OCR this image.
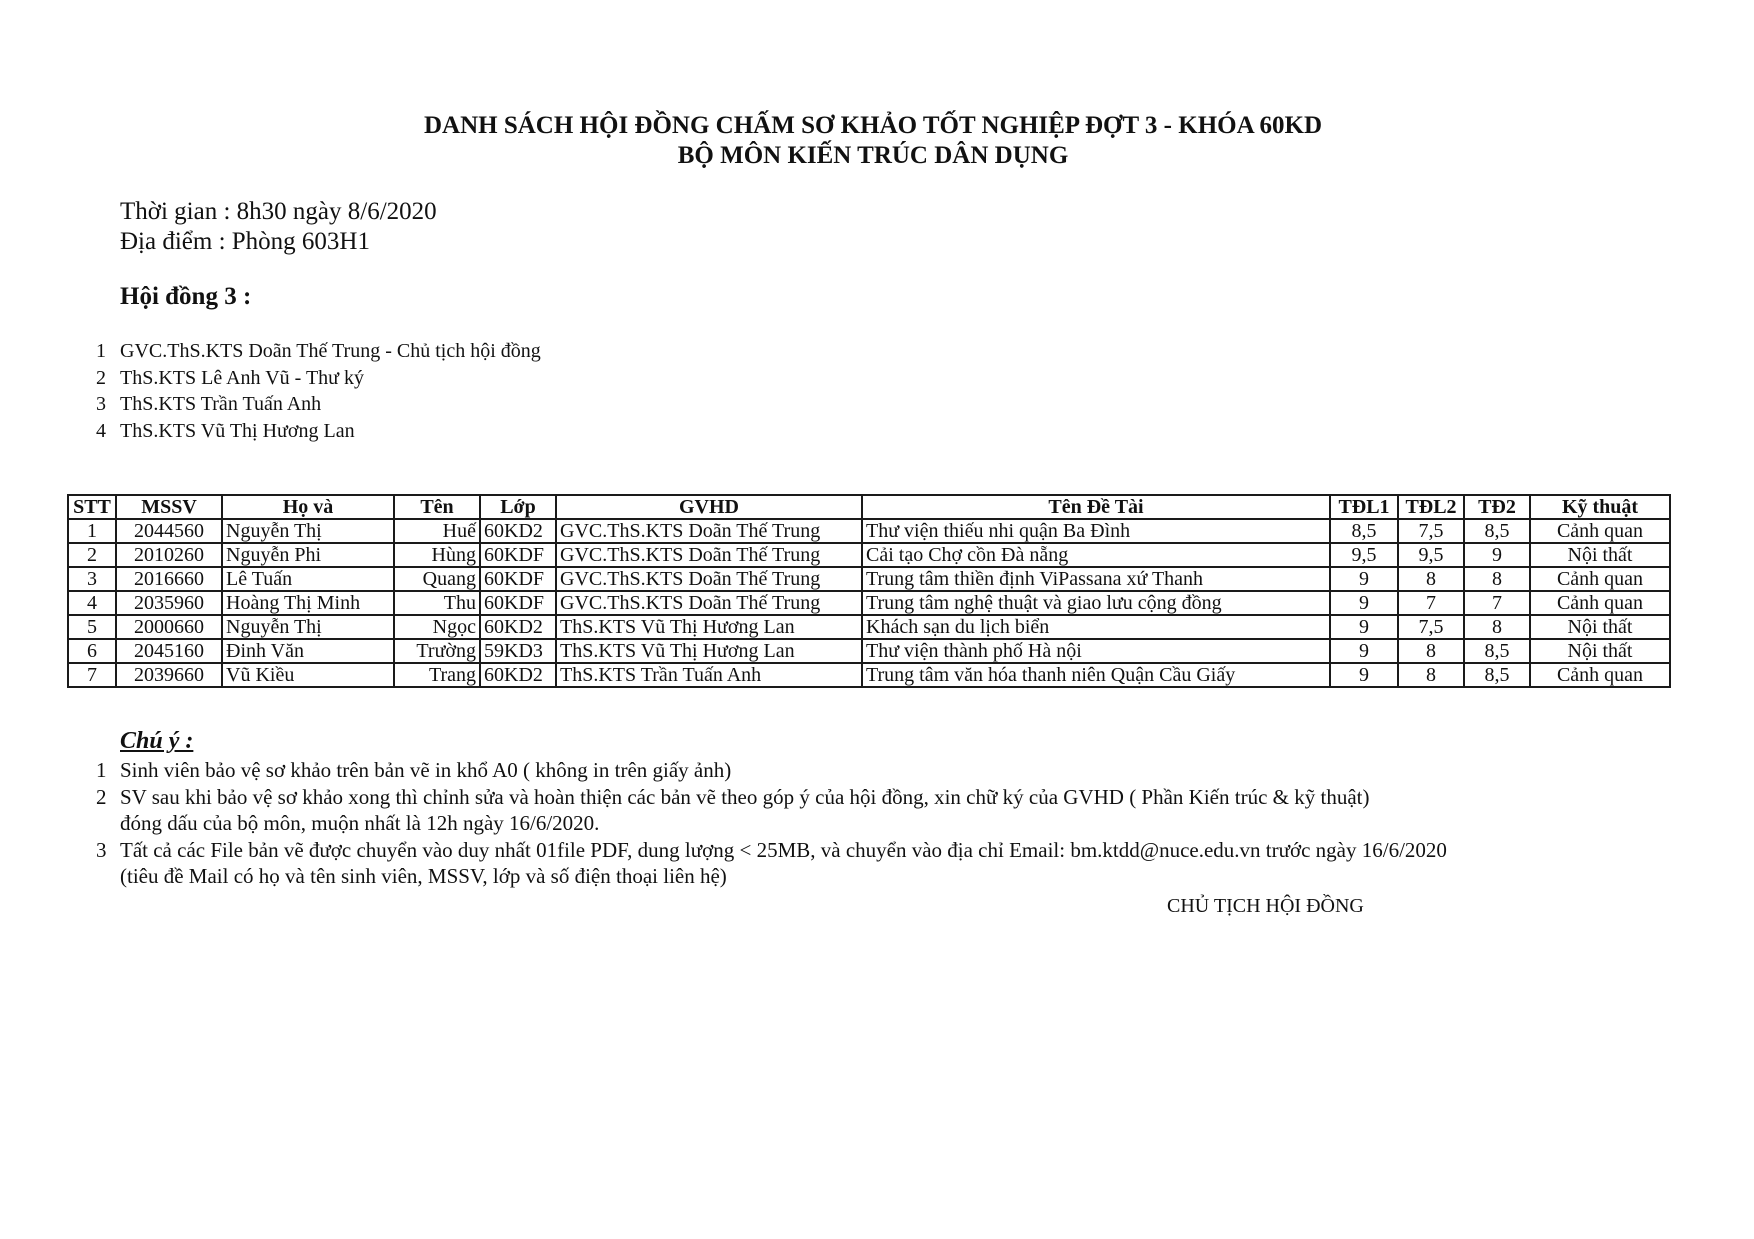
DANH SÁCH HỘI ĐỒNG CHẤM SƠ KHẢO TỐT NGHIỆP ĐỢT 3 - KHÓA 60KD
BỘ MÔN KIẾN TRÚC DÂN DỤNG
Thời gian : 8h30 ngày 8/6/2020
Địa điểm : Phòng 603H1
Hội đồng 3 :
1 GVC.ThS.KTS Doãn Thế Trung - Chủ tịch hội đồng
2 ThS.KTS Lê Anh Vũ - Thư ký
3 ThS.KTS Trần Tuấn Anh
4 ThS.KTS Vũ Thị Hương Lan
STT	MSSV	Họ và	Tên	Lớp	GVHD	Tên Đề Tài	TĐL1	TĐL2	TĐ2	Kỹ thuật
1	2044560	Nguyễn Thị	Huế	60KD2	GVC.ThS.KTS Doãn Thế Trung	Thư viện thiếu nhi quận Ba Đình	8,5	7,5	8,5	Cảnh quan
2	2010260	Nguyễn Phi	Hùng	60KDF	GVC.ThS.KTS Doãn Thế Trung	Cải tạo Chợ cồn Đà nẵng	9,5	9,5	9	Nội thất
3	2016660	Lê Tuấn	Quang	60KDF	GVC.ThS.KTS Doãn Thế Trung	Trung tâm thiền định ViPassana xứ Thanh	9	8	8	Cảnh quan
4	2035960	Hoàng Thị Minh	Thu	60KDF	GVC.ThS.KTS Doãn Thế Trung	Trung tâm nghệ thuật và giao lưu cộng đồng	9	7	7	Cảnh quan
5	2000660	Nguyễn Thị	Ngọc	60KD2	ThS.KTS Vũ Thị Hương Lan	Khách sạn du lịch biển	9	7,5	8	Nội thất
6	2045160	Đinh Văn	Trường	59KD3	ThS.KTS Vũ Thị Hương Lan	Thư viện thành phố Hà nội	9	8	8,5	Nội thất
7	2039660	Vũ Kiều	Trang	60KD2	ThS.KTS Trần Tuấn Anh	Trung tâm văn hóa thanh niên Quận Cầu Giấy	9	8	8,5	Cảnh quan
Chú ý :
1 Sinh viên bảo vệ sơ khảo trên bản vẽ in khổ A0 ( không in trên giấy ảnh)
2 SV sau khi bảo vệ sơ khảo xong thì chỉnh sửa và hoàn thiện các bản vẽ theo góp ý của hội đồng, xin chữ ký của GVHD ( Phần Kiến trúc & kỹ thuật)
đóng dấu của bộ môn, muộn nhất là 12h ngày 16/6/2020.
3 Tất cả các File bản vẽ được chuyển vào duy nhất 01file PDF, dung lượng < 25MB, và chuyển vào địa chỉ Email: bm.ktdd@nuce.edu.vn trước ngày 16/6/2020
(tiêu đề Mail có họ và tên sinh viên, MSSV, lớp và số điện thoại liên hệ)
CHỦ TỊCH HỘI ĐỒNG
